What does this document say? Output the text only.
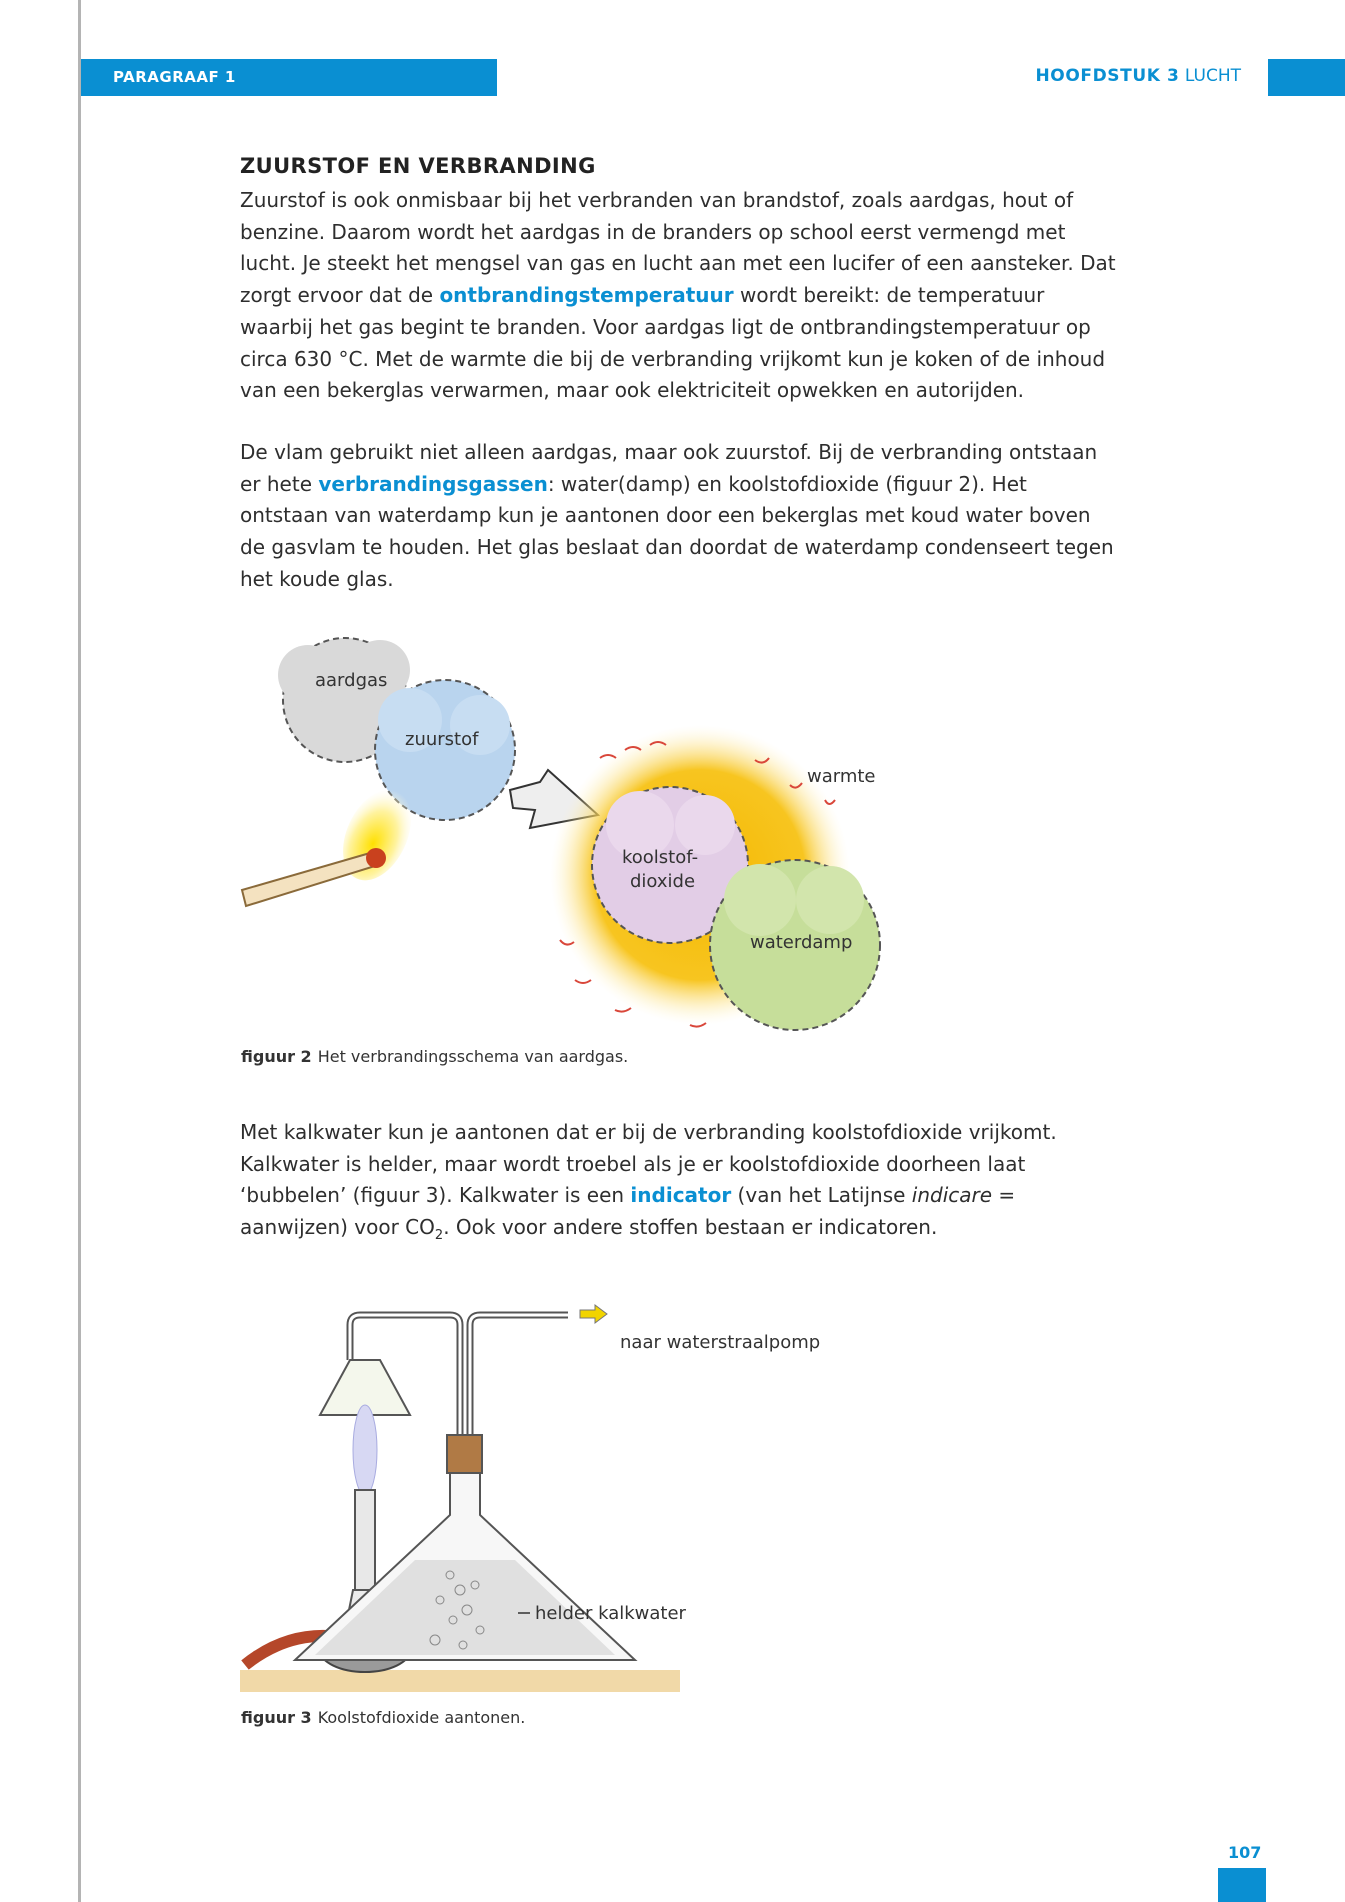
PARAGRAAF 1	HOOFDSTUK 3 LUCHT
ZUURSTOF EN VERBRANDING

Zuurstof is ook onmisbaar bij het verbranden van brandstof, zoals aardgas, hout of benzine. Daarom wordt het aardgas in de branders op school eerst vermengd met lucht. Je steekt het mengsel van gas en lucht aan met een lucifer of een aansteker. Dat zorgt ervoor dat de ontbrandingstemperatuur wordt bereikt: de temperatuur waarbij het gas begint te branden. Voor aardgas ligt de ontbrandingstemperatuur op circa 630 °C. Met de warmte die bij de verbranding vrijkomt kun je koken of de inhoud van een bekerglas verwarmen, maar ook elektriciteit opwekken en autorijden.

De vlam gebruikt niet alleen aardgas, maar ook zuurstof. Bij de verbranding ontstaan er hete verbrandingsgassen: water(damp) en koolstofdioxide (figuur 2). Het ontstaan van waterdamp kun je aantonen door een bekerglas met koud water boven de gasvlam te houden. Het glas beslaat dan doordat de waterdamp condenseert tegen het koude glas.

aardgas
zuurstof
warmte
koolstof-
dioxide
waterdamp
figuur 2 Het verbrandingsschema van aardgas.

Met kalkwater kun je aantonen dat er bij de verbranding koolstofdioxide vrijkomt. Kalkwater is helder, maar wordt troebel als je er koolstofdioxide doorheen laat ‘bubbelen’ (figuur 3). Kalkwater is een indicator (van het Latijnse indicare = aanwijzen) voor $CO_2$. Ook voor andere stoffen bestaan er indicatoren.

naar waterstraalpomp
helder kalkwater
figuur 3 Koolstofdioxide aantonen.
107
